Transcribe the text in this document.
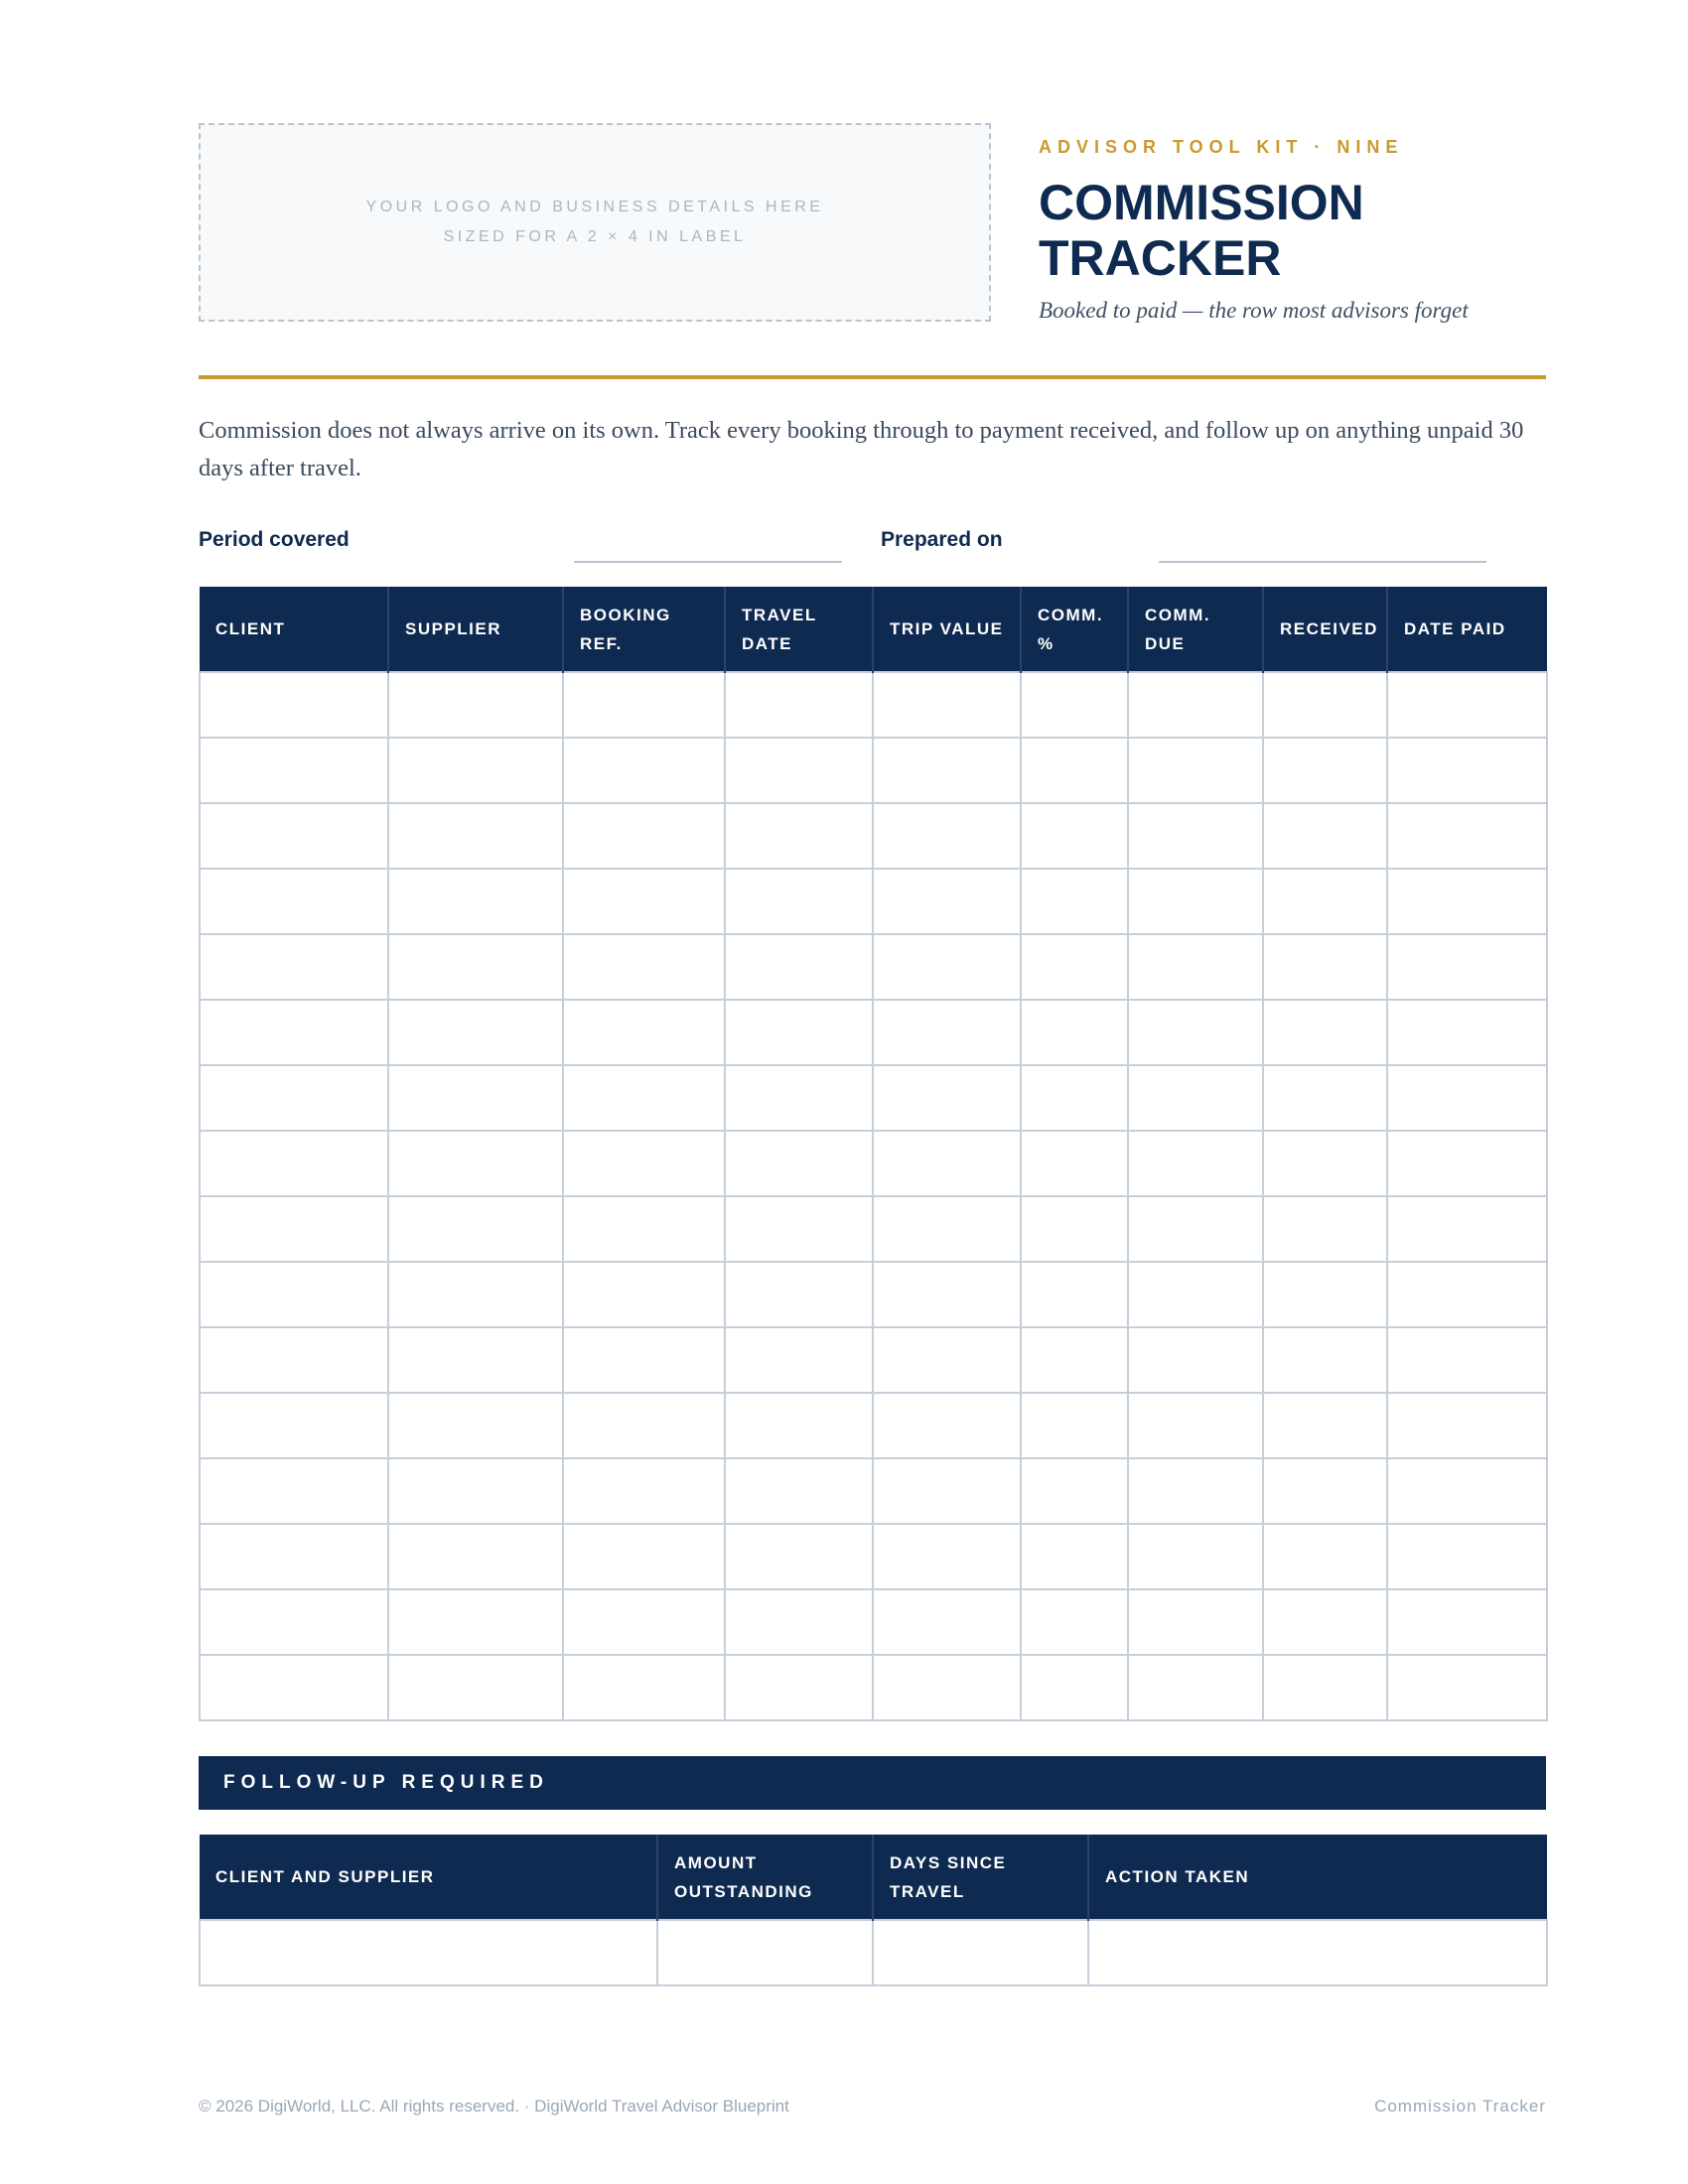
YOUR LOGO AND BUSINESS DETAILS HERE
SIZED FOR A 2 × 4 IN LABEL
ADVISOR TOOL KIT · NINE
COMMISSION
TRACKER
Booked to paid — the row most advisors forget

Commission does not always arrive on its own. Track every booking through to payment received, and follow up on anything unpaid 30 days after travel.

Period covered	Prepared on
CLIENT	SUPPLIER	BOOKING REF.	TRAVEL DATE	TRIP VALUE	COMM. %	COMM. DUE	RECEIVED	DATE PAID

FOLLOW-UP REQUIRED
CLIENT AND SUPPLIER	AMOUNT OUTSTANDING	DAYS SINCE TRAVEL	ACTION TAKEN

© 2026 DigiWorld, LLC. All rights reserved. · DigiWorld Travel Advisor Blueprint	Commission Tracker
